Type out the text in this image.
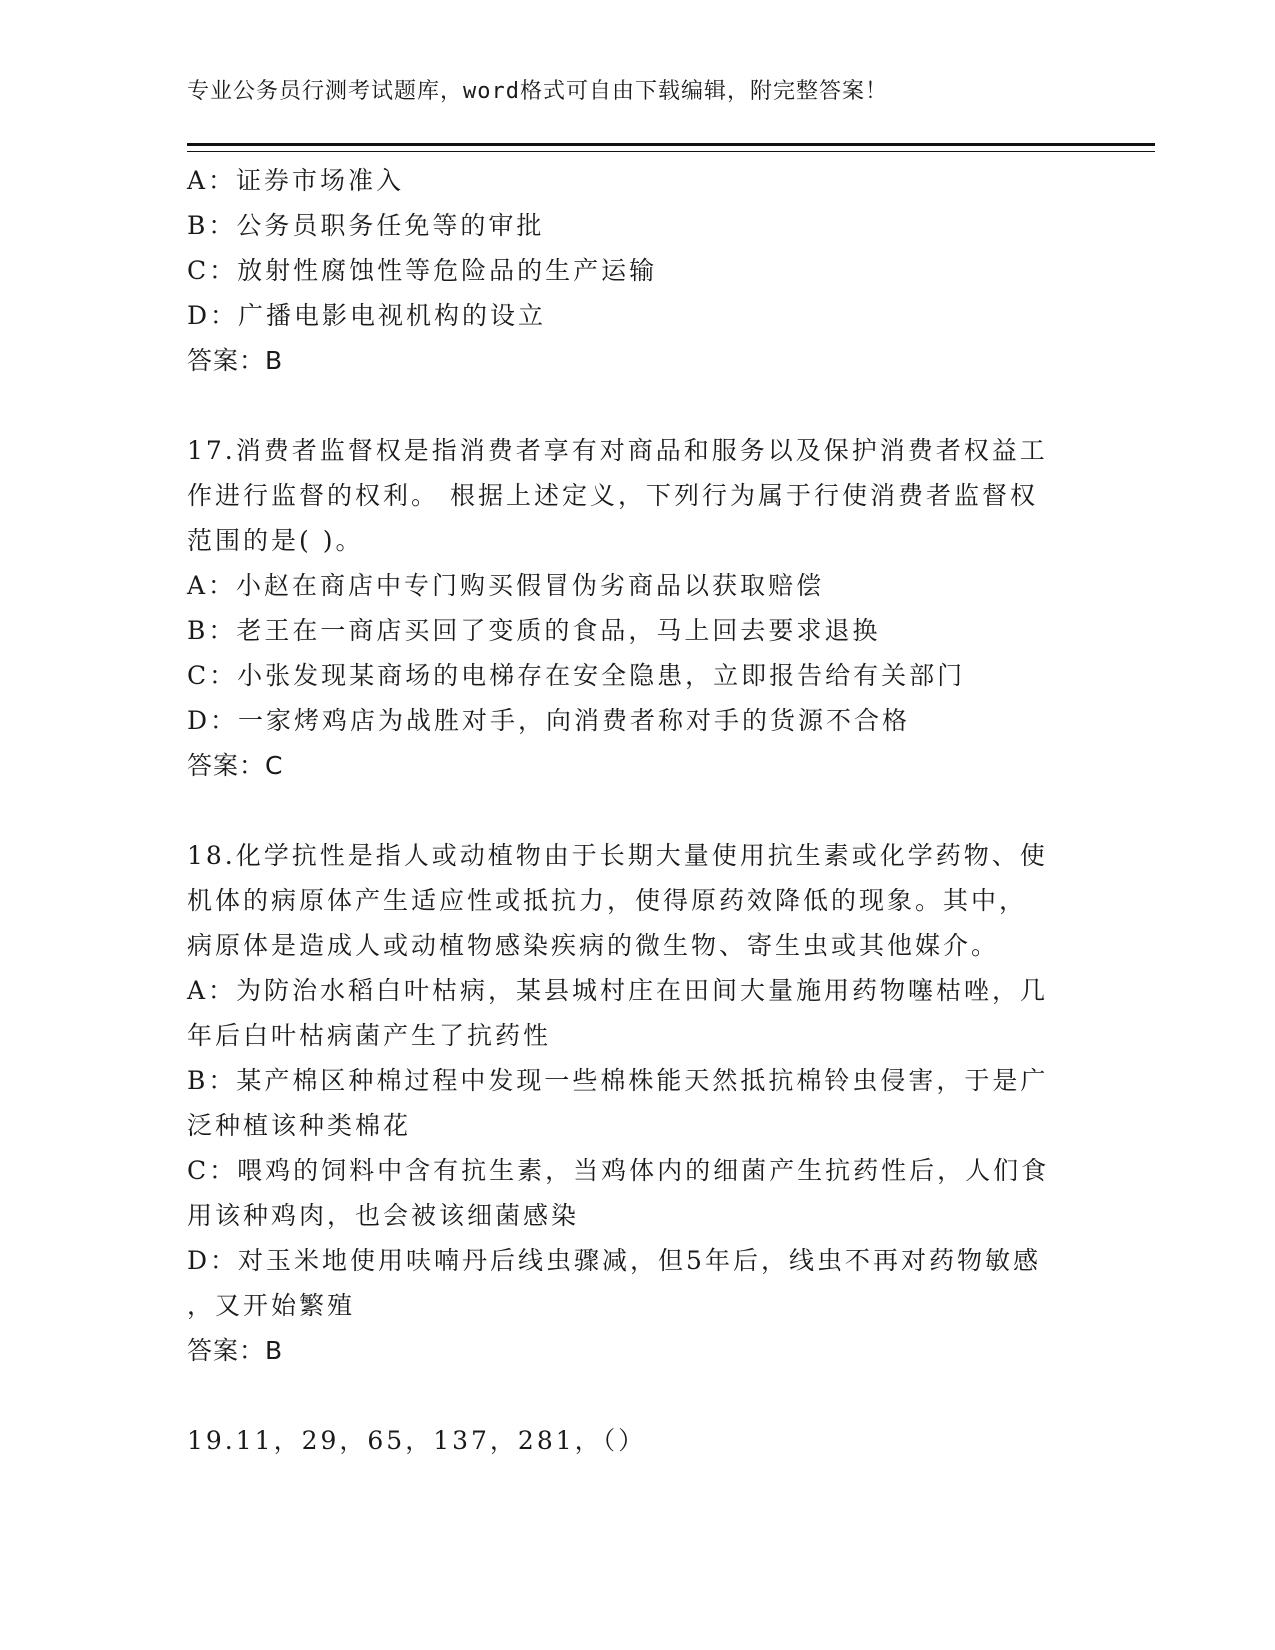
专业公务员行测考试题库，word格式可自由下载编辑，附完整答案！
A：证券市场准入
B：公务员职务任免等的审批
C：放射性腐蚀性等危险品的生产运输
D：广播电影电视机构的设立
答案：B
17.消费者监督权是指消费者享有对商品和服务以及保护消费者权益工
作进行监督的权利。 根据上述定义，下列行为属于行使消费者监督权
范围的是( )。
A：小赵在商店中专门购买假冒伪劣商品以获取赔偿
B：老王在一商店买回了变质的食品，马上回去要求退换
C：小张发现某商场的电梯存在安全隐患，立即报告给有关部门
D：一家烤鸡店为战胜对手，向消费者称对手的货源不合格
答案：C
18.化学抗性是指人或动植物由于长期大量使用抗生素或化学药物、使
机体的病原体产生适应性或抵抗力，使得原药效降低的现象。其中，
病原体是造成人或动植物感染疾病的微生物、寄生虫或其他媒介。
A：为防治水稻白叶枯病，某县城村庄在田间大量施用药物噻枯唑，几
年后白叶枯病菌产生了抗药性
B：某产棉区种棉过程中发现一些棉株能天然抵抗棉铃虫侵害，于是广
泛种植该种类棉花
C：喂鸡的饲料中含有抗生素，当鸡体内的细菌产生抗药性后，人们食
用该种鸡肉，也会被该细菌感染
D：对玉米地使用呋喃丹后线虫骤减，但5年后，线虫不再对药物敏感
，又开始繁殖
答案：B
19.11，29，65，137，281，（）
